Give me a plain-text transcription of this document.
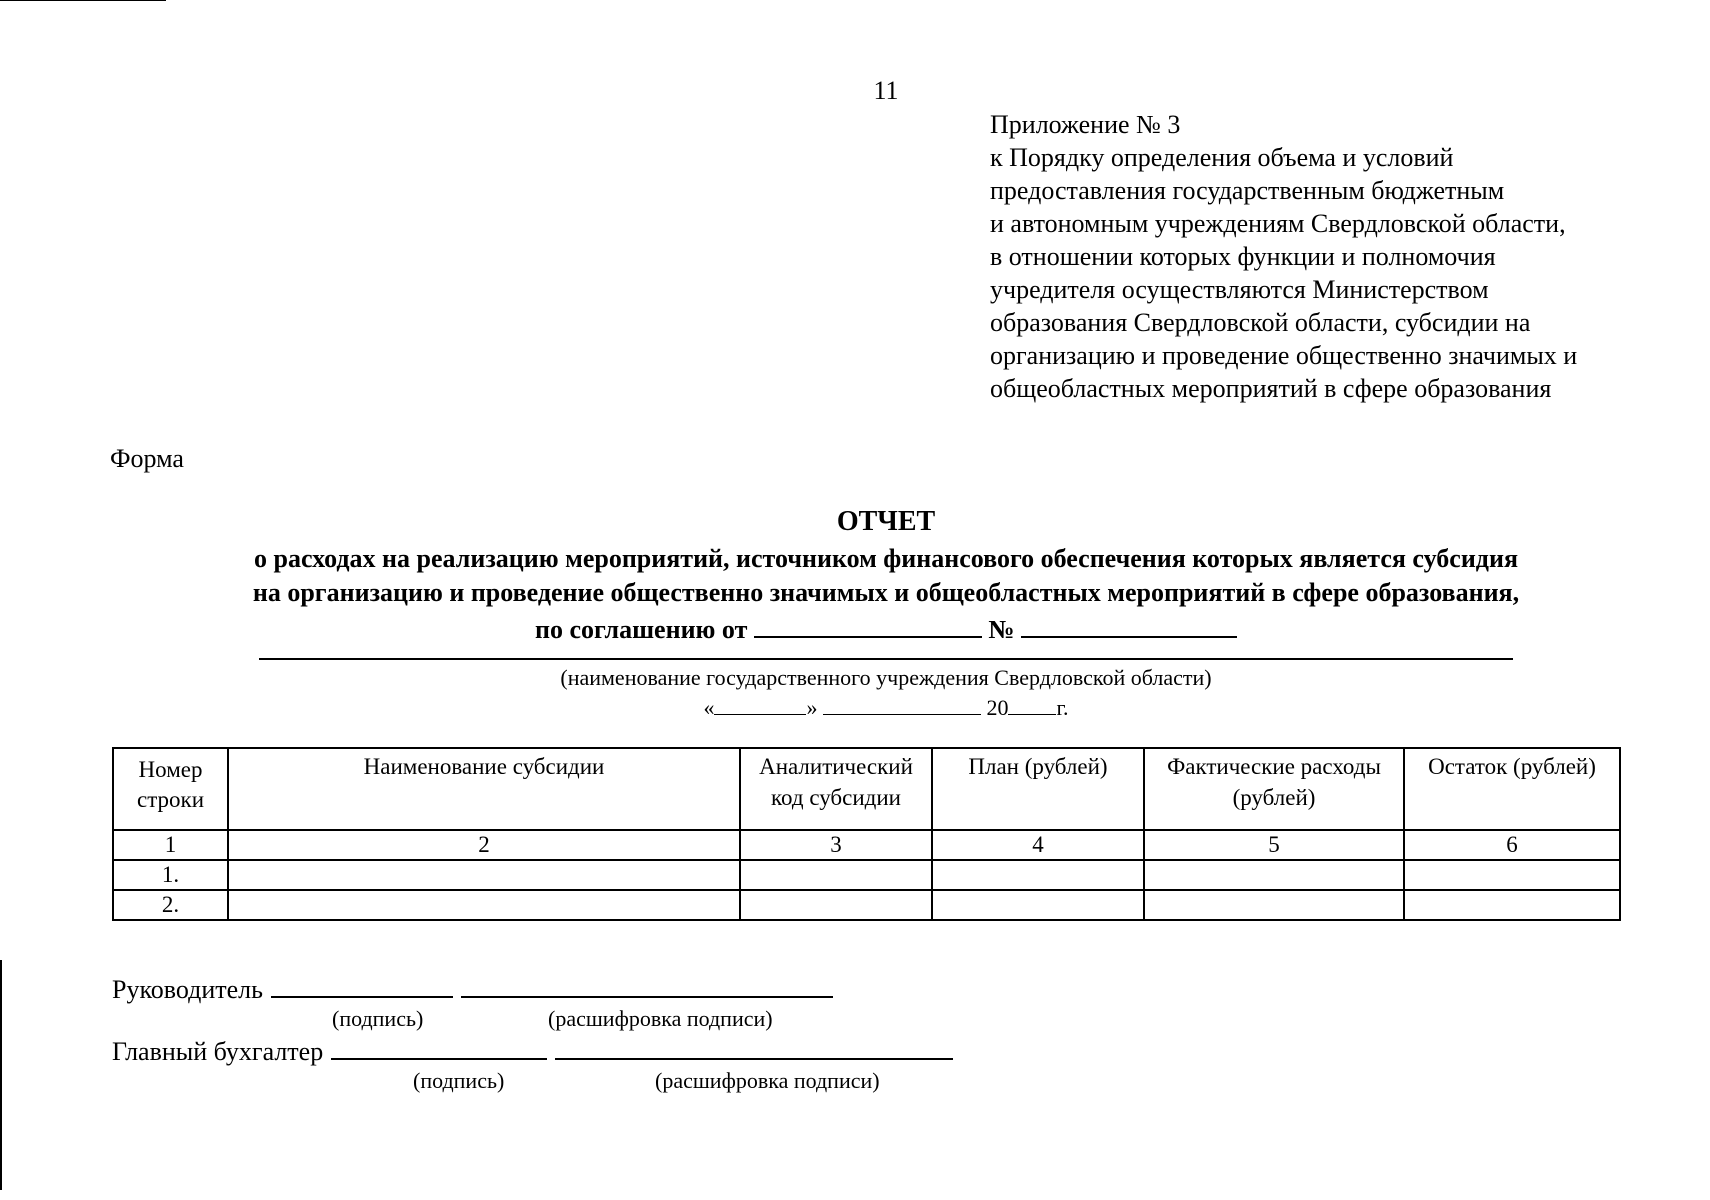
11
Приложение № 3
к Порядку определения объема и условий
предоставления государственным бюджетным
и автономным учреждениям Свердловской области,
в отношении которых функции и полномочия
учредителя осуществляются Министерством
образования Свердловской области, субсидии на
организацию и проведение общественно значимых и
общеобластных мероприятий в сфере образования
Форма
ОТЧЕТ
о расходах на реализацию мероприятий, источником финансового обеспечения которых является субсидия
на организацию и проведение общественно значимых и общеобластных мероприятий в сфере образования,
по соглашению от	№
(наименование государственного учреждения Свердловской области)
«	»	20 г.
Номер строки	Наименование субсидии	Аналитический код субсидии	План (рублей)	Фактические расходы (рублей)	Остаток (рублей)
1	2	3	4	5	6
1.					
2.					
Руководитель
(подпись)	(расшифровка подписи)
Главный бухгалтер
(подпись)	(расшифровка подписи)
